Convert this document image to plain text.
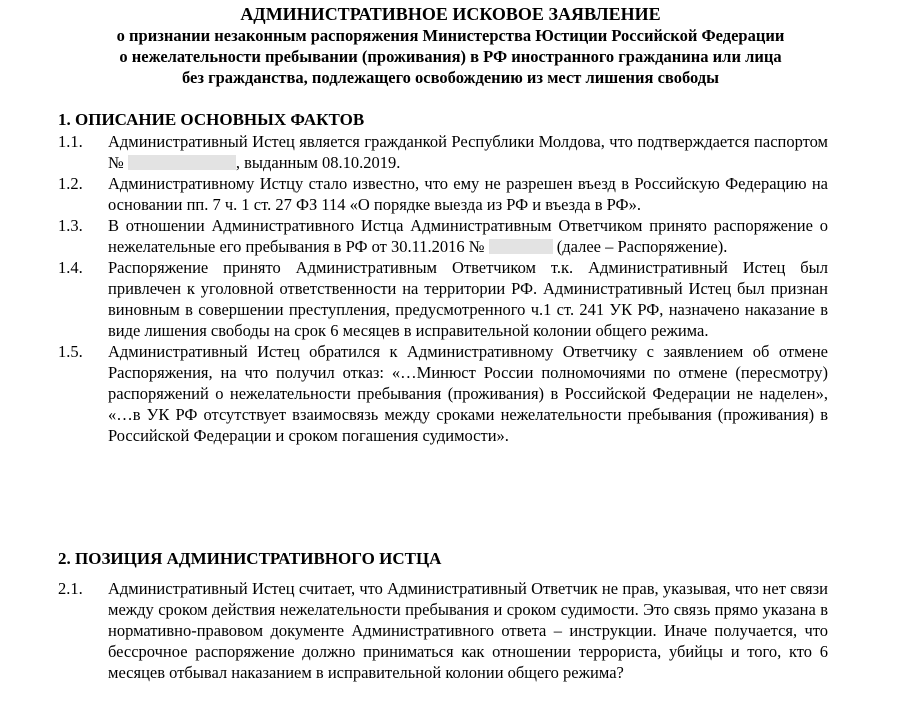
АДМИНИСТРАТИВНОЕ ИСКОВОЕ ЗАЯВЛЕНИЕ
о признании незаконным распоряжения Министерства Юстиции Российской Федерации
о нежелательности пребывании (проживания) в РФ иностранного гражданина или лица
без гражданства, подлежащего освобождению из мест лишения свободы

1. ОПИСАНИЕ ОСНОВНЫХ ФАКТОВ

1.1. Административный Истец является гражданкой Республики Молдова, что подтверждается паспортом №	, выданным 08.10.2019.
1.2. Административному Истцу стало известно, что ему не разрешен въезд в Российскую Федерацию на основании пп. 7 ч. 1 ст. 27 ФЗ 114 «О порядке выезда из РФ и въезда в РФ».
1.3. В отношении Административного Истца Административным Ответчиком принято распоряжение о нежелательные его пребывания в РФ от 30.11.2016 №	(далее – Распоряжение).
1.4. Распоряжение принято Административным Ответчиком т.к. Административный Истец был привлечен к уголовной ответственности на территории РФ. Административный Истец был признан виновным в совершении преступления, предусмотренного ч.1 ст. 241 УК РФ, назначено наказание в виде лишения свободы на срок 6 месяцев в исправительной колонии общего режима.
1.5. Административный Истец обратился к Административному Ответчику с заявлением об отмене Распоряжения, на что получил отказ: «…Минюст России полномочиями по отмене (пересмотру) распоряжений о нежелательности пребывания (проживания) в Российской Федерации не наделен», «…в УК РФ отсутствует взаимосвязь между сроками нежелательности пребывания (проживания) в Российской Федерации и сроком погашения судимости».

2. ПОЗИЦИЯ АДМИНИСТРАТИВНОГО ИСТЦА

2.1. Административный Истец считает, что Административный Ответчик не прав, указывая, что нет связи между сроком действия нежелательности пребывания и сроком судимости. Это связь прямо указана в нормативно-правовом документе Административного ответа – инструкции. Иначе получается, что бессрочное распоряжение должно приниматься как отношении террориста, убийцы и того, кто 6 месяцев отбывал наказанием в исправительной колонии общего режима?
